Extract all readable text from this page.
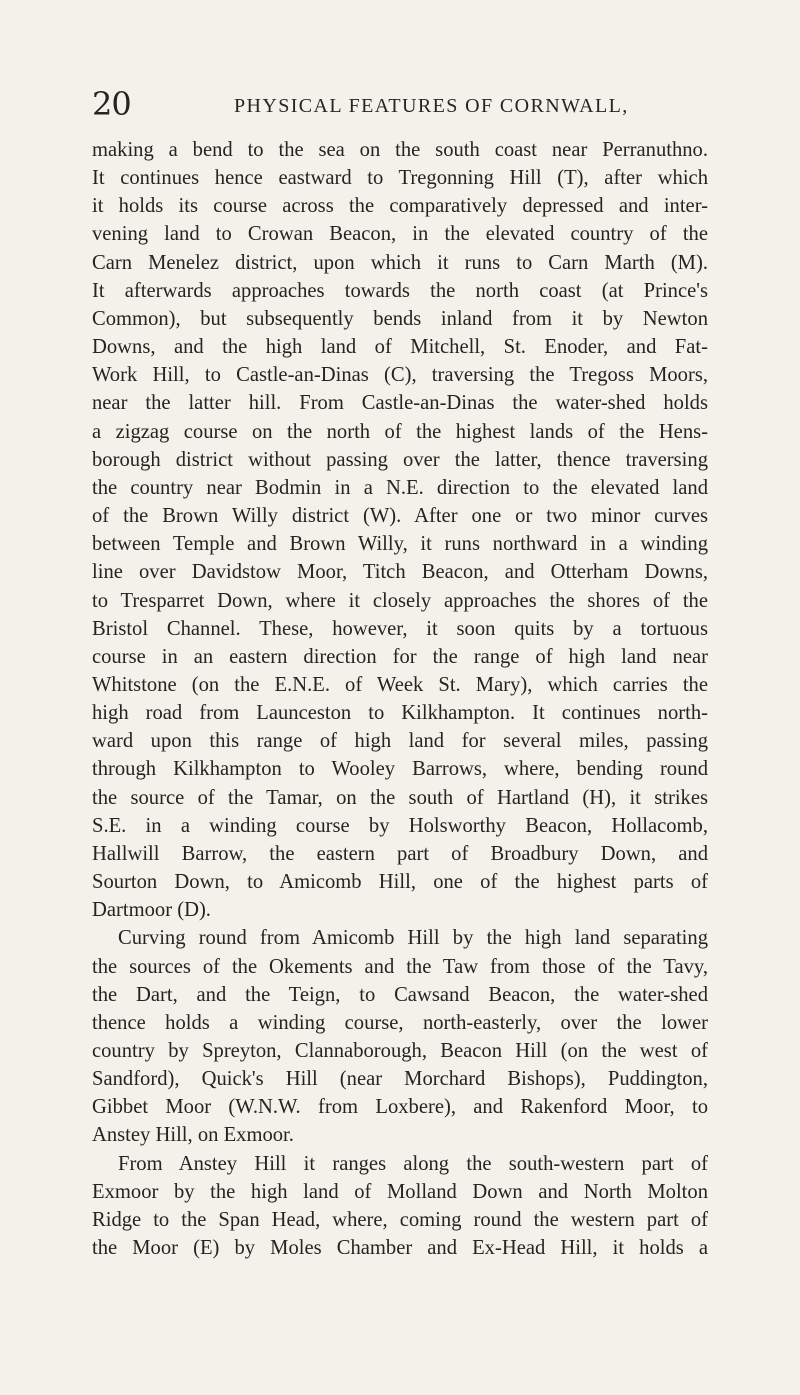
20	PHYSICAL FEATURES OF CORNWALL,

making a bend to the sea on the south coast near Perranuthno.
It continues hence eastward to Tregonning Hill (T), after which
it holds its course across the comparatively depressed and inter-
vening land to Crowan Beacon, in the elevated country of the
Carn Menelez district, upon which it runs to Carn Marth (M).
It afterwards approaches towards the north coast (at Prince's
Common), but subsequently bends inland from it by Newton
Downs, and the high land of Mitchell, St. Enoder, and Fat-
Work Hill, to Castle-an-Dinas (C), traversing the Tregoss Moors,
near the latter hill. From Castle-an-Dinas the water-shed holds
a zigzag course on the north of the highest lands of the Hens-
borough district without passing over the latter, thence traversing
the country near Bodmin in a N.E. direction to the elevated land
of the Brown Willy district (W). After one or two minor curves
between Temple and Brown Willy, it runs northward in a winding
line over Davidstow Moor, Titch Beacon, and Otterham Downs,
to Tresparret Down, where it closely approaches the shores of the
Bristol Channel. These, however, it soon quits by a tortuous
course in an eastern direction for the range of high land near
Whitstone (on the E.N.E. of Week St. Mary), which carries the
high road from Launceston to Kilkhampton. It continues north-
ward upon this range of high land for several miles, passing
through Kilkhampton to Wooley Barrows, where, bending round
the source of the Tamar, on the south of Hartland (H), it strikes
S.E. in a winding course by Holsworthy Beacon, Hollacomb,
Hallwill Barrow, the eastern part of Broadbury Down, and
Sourton Down, to Amicomb Hill, one of the highest parts of
Dartmoor (D).

Curving round from Amicomb Hill by the high land separating
the sources of the Okements and the Taw from those of the Tavy,
the Dart, and the Teign, to Cawsand Beacon, the water-shed
thence holds a winding course, north-easterly, over the lower
country by Spreyton, Clannaborough, Beacon Hill (on the west of
Sandford), Quick's Hill (near Morchard Bishops), Puddington,
Gibbet Moor (W.N.W. from Loxbere), and Rakenford Moor, to
Anstey Hill, on Exmoor.

From Anstey Hill it ranges along the south-western part of
Exmoor by the high land of Molland Down and North Molton
Ridge to the Span Head, where, coming round the western part of
the Moor (E) by Moles Chamber and Ex-Head Hill, it holds a
